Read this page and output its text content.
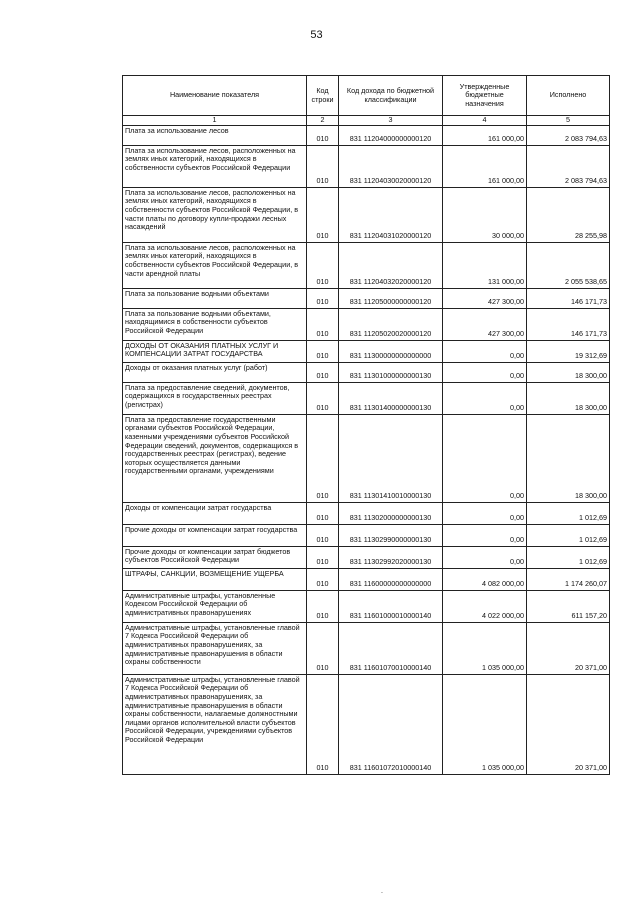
53
Наименование показателя	Код строки	Код дохода по бюджетной классификации	Утвержденные бюджетные назначения	Исполнено
1	2	3	4	5
Плата за использование лесов	010	831 11204000000000120	161 000,00	2 083 794,63
Плата за использование лесов, расположенных на землях иных категорий, находящихся в собственности субъектов Российской Федерации	010	831 11204030020000120	161 000,00	2 083 794,63
Плата за использование лесов, расположенных на землях иных категорий, находящихся в собственности субъектов Российской Федерации, в части платы по договору купли-продажи лесных насаждений	010	831 11204031020000120	30 000,00	28 255,98
Плата за использование лесов, расположенных на землях иных категорий, находящихся в собственности субъектов Российской Федерации, в части арендной платы	010	831 11204032020000120	131 000,00	2 055 538,65
Плата за пользование водными объектами	010	831 11205000000000120	427 300,00	146 171,73
Плата за пользование водными объектами, находящимися в собственности субъектов Российской Федерации	010	831 11205020020000120	427 300,00	146 171,73
ДОХОДЫ ОТ ОКАЗАНИЯ ПЛАТНЫХ УСЛУГ И КОМПЕНСАЦИИ ЗАТРАТ ГОСУДАРСТВА	010	831 11300000000000000	0,00	19 312,69
Доходы от оказания платных услуг (работ)	010	831 11301000000000130	0,00	18 300,00
Плата за предоставление сведений, документов, содержащихся в государственных реестрах (регистрах)	010	831 11301400000000130	0,00	18 300,00
Плата за предоставление государственными органами субъектов Российской Федерации, казенными учреждениями субъектов Российской Федерации сведений, документов, содержащихся в государственных реестрах (регистрах), ведение которых осуществляется данными государственными органами, учреждениями	010	831 11301410010000130	0,00	18 300,00
Доходы от компенсации затрат государства	010	831 11302000000000130	0,00	1 012,69
Прочие доходы от компенсации затрат государства	010	831 11302990000000130	0,00	1 012,69
Прочие доходы от компенсации затрат бюджетов субъектов Российской Федерации	010	831 11302992020000130	0,00	1 012,69
ШТРАФЫ, САНКЦИИ, ВОЗМЕЩЕНИЕ УЩЕРБА	010	831 11600000000000000	4 082 000,00	1 174 260,07
Административные штрафы, установленные Кодексом Российской Федерации об административных правонарушениях	010	831 11601000010000140	4 022 000,00	611 157,20
Административные штрафы, установленные главой 7 Кодекса Российской Федерации об административных правонарушениях, за административные правонарушения в области охраны собственности	010	831 11601070010000140	1 035 000,00	20 371,00
Административные штрафы, установленные главой 7 Кодекса Российской Федерации об административных правонарушениях, за административные правонарушения в области охраны собственности, налагаемые должностными лицами органов исполнительной власти субъектов Российской Федерации, учреждениями субъектов Российской Федерации	010	831 11601072010000140	1 035 000,00	20 371,00
.
